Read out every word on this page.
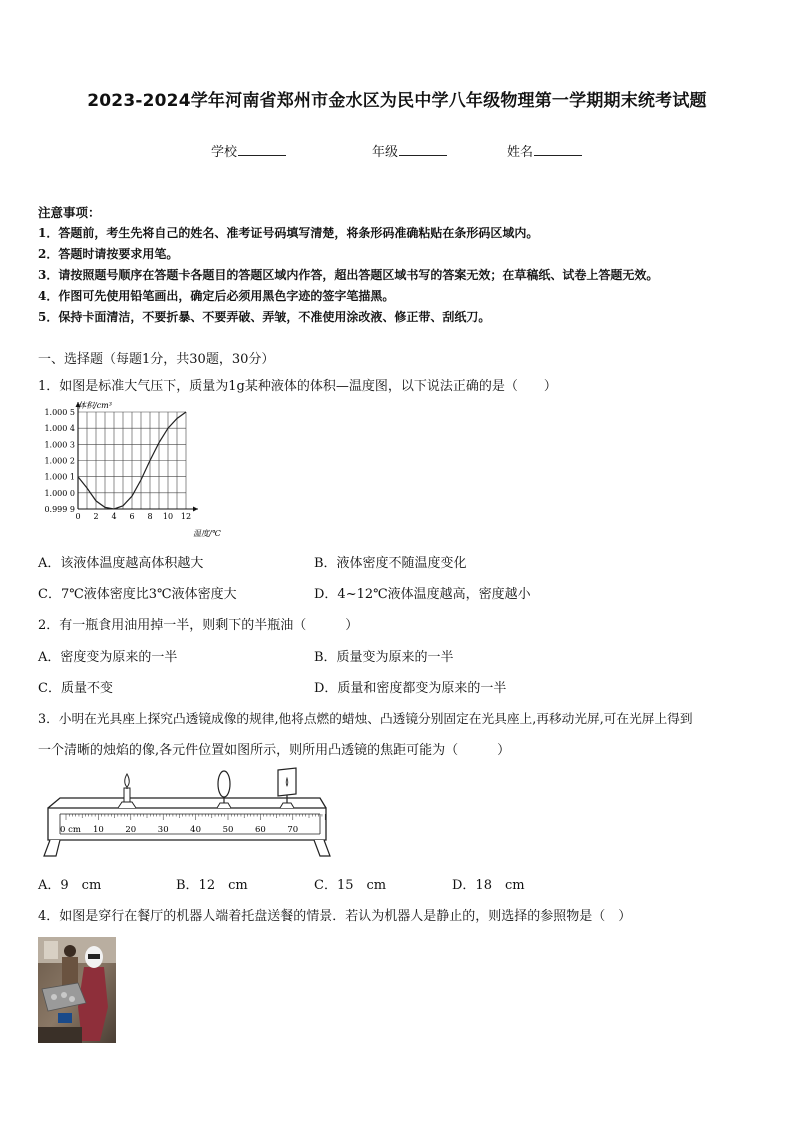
2023-2024学年河南省郑州市金水区为民中学八年级物理第一学期期末统考试题
学校	年级	姓名
注意事项：
1．答题前，考生先将自己的姓名、准考证号码填写清楚，将条形码准确粘贴在条形码区域内。
2．答题时请按要求用笔。
3．请按照题号顺序在答题卡各题目的答题区域内作答，超出答题区域书写的答案无效；在草稿纸、试卷上答题无效。
4．作图可先使用铅笔画出，确定后必须用黑色字迹的签字笔描黑。
5．保持卡面清洁，不要折暴、不要弄破、弄皱，不准使用涂改液、修正带、刮纸刀。
一、选择题（每题1分，共30题，30分）
1．如图是标准大气压下，质量为1g某种液体的体积—温度图，以下说法正确的是（　　）
0.999 9
1.000 0
1.000 1
1.000 2
1.000 3
1.000 4
1.000 5
0 2 4 6 8 10 12
体积/cm³
温度/℃
A．该液体温度越高体积越大	B．液体密度不随温度变化
C．7℃液体密度比3℃液体密度大	D．4~12℃液体温度越高，密度越小
2．有一瓶食用油用掉一半，则剩下的半瓶油（　　　）
A．密度变为原来的一半	B．质量变为原来的一半
C．质量不变	D．质量和密度都变为原来的一半
3．小明在光具座上探究凸透镜成像的规律,他将点燃的蜡烛、凸透镜分别固定在光具座上,再移动光屏,可在光屏上得到
一个清晰的烛焰的像,各元件位置如图所示，则所用凸透镜的焦距可能为（　　　）
0 cm 10	20	30	40	50	60	70
A．9　cm	B．12　cm	C．15　cm	D．18　cm
4．如图是穿行在餐厅的机器人端着托盘送餐的情景．若认为机器人是静止的，则选择的参照物是（　）
